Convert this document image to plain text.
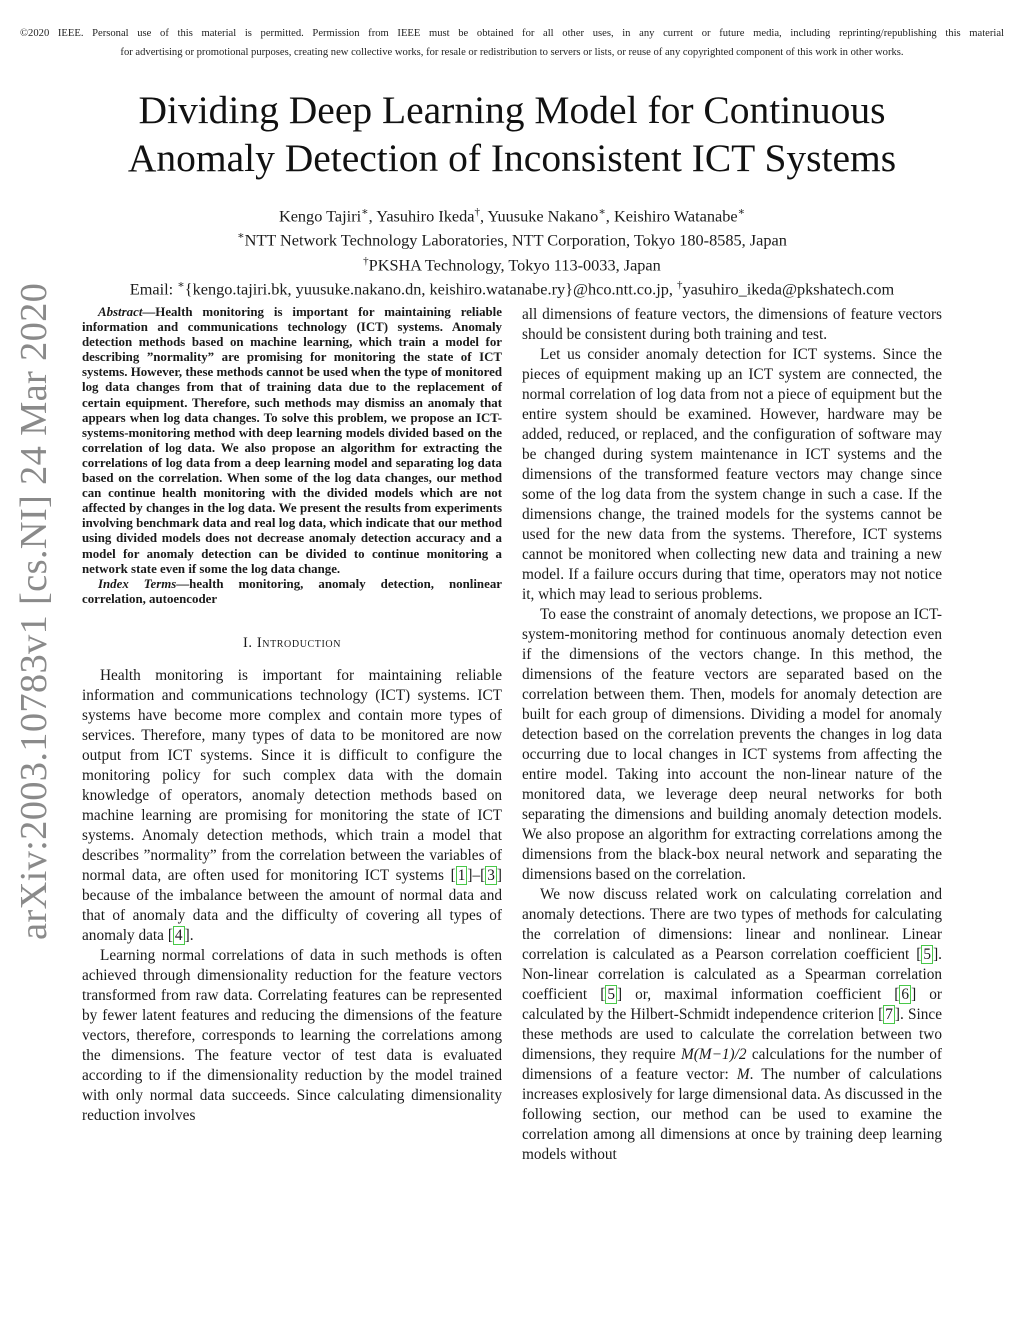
©2020 IEEE. Personal use of this material is permitted. Permission from IEEE must be obtained for all other uses, in any current or future media, including reprinting/republishing this material
for advertising or promotional purposes, creating new collective works, for resale or redistribution to servers or lists, or reuse of any copyrighted component of this work in other works.
arXiv:2003.10783v1 [cs.NI] 24 Mar 2020
Dividing Deep Learning Model for Continuous
Anomaly Detection of Inconsistent ICT Systems
Kengo Tajiri∗, Yasuhiro Ikeda†, Yuusuke Nakano∗, Keishiro Watanabe∗
∗NTT Network Technology Laboratories, NTT Corporation, Tokyo 180-8585, Japan
†PKSHA Technology, Tokyo 113-0033, Japan
Email: ∗{kengo.tajiri.bk, yuusuke.nakano.dn, keishiro.watanabe.ry}@hco.ntt.co.jp, †yasuhiro_ikeda@pkshatech.com

Abstract—Health monitoring is important for maintaining reliable information and communications technology (ICT) systems. Anomaly detection methods based on machine learning, which train a model for describing ”normality” are promising for monitoring the state of ICT systems. However, these methods cannot be used when the type of monitored log data changes from that of training data due to the replacement of certain equipment. Therefore, such methods may dismiss an anomaly that appears when log data changes. To solve this problem, we propose an ICT-systems-monitoring method with deep learning models divided based on the correlation of log data. We also propose an algorithm for extracting the correlations of log data from a deep learning model and separating log data based on the correlation. When some of the log data changes, our method can continue health monitoring with the divided models which are not affected by changes in the log data. We present the results from experiments involving benchmark data and real log data, which indicate that our method using divided models does not decrease anomaly detection accuracy and a model for anomaly detection can be divided to continue monitoring a network state even if some the log data change.

Index Terms—health monitoring, anomaly detection, nonlinear correlation, autoencoder

I. Introduction

Health monitoring is important for maintaining reliable information and communications technology (ICT) systems. ICT systems have become more complex and contain more types of services. Therefore, many types of data to be monitored are now output from ICT systems. Since it is difficult to configure the monitoring policy for such complex data with the domain knowledge of operators, anomaly detection methods based on machine learning are promising for monitoring the state of ICT systems. Anomaly detection methods, which train a model that describes ”normality” from the correlation between the variables of normal data, are often used for monitoring ICT systems [ 1 ]–[ 3 ] because of the imbalance between the amount of normal data and that of anomaly data and the difficulty of covering all types of anomaly data [ 4 ].

Learning normal correlations of data in such methods is often achieved through dimensionality reduction for the feature vectors transformed from raw data. Correlating features can be represented by fewer latent features and reducing the dimensions of the feature vectors, therefore, corresponds to learning the correlations among the dimensions. The feature vector of test data is evaluated according to if the dimensionality reduction by the model trained with only normal data succeeds. Since calculating dimensionality reduction involves

all dimensions of feature vectors, the dimensions of feature vectors should be consistent during both training and test.

Let us consider anomaly detection for ICT systems. Since the pieces of equipment making up an ICT system are connected, the normal correlation of log data from not a piece of equipment but the entire system should be examined. However, hardware may be added, reduced, or replaced, and the configuration of software may be changed during system maintenance in ICT systems and the dimensions of the transformed feature vectors may change since some of the log data from the system change in such a case. If the dimensions change, the trained models for the systems cannot be used for the new data from the systems. Therefore, ICT systems cannot be monitored when collecting new data and training a new model. If a failure occurs during that time, operators may not notice it, which may lead to serious problems.

To ease the constraint of anomaly detections, we propose an ICT-system-monitoring method for continuous anomaly detection even if the dimensions of the vectors change. In this method, the dimensions of the feature vectors are separated based on the correlation between them. Then, models for anomaly detection are built for each group of dimensions. Dividing a model for anomaly detection based on the correlation prevents the changes in log data occurring due to local changes in ICT systems from affecting the entire model. Taking into account the non-linear nature of the monitored data, we leverage deep neural networks for both separating the dimensions and building anomaly detection models. We also propose an algorithm for extracting correlations among the dimensions from the black-box neural network and separating the dimensions based on the correlation.

We now discuss related work on calculating correlation and anomaly detections. There are two types of methods for calculating the correlation of dimensions: linear and nonlinear. Linear correlation is calculated as a Pearson correlation coefficient [ 5 ]. Non-linear correlation is calculated as a Spearman correlation coefficient [ 5 ] or, maximal information coefficient [ 6 ] or calculated by the Hilbert-Schmidt independence criterion [ 7 ]. Since these methods are used to calculate the correlation between two dimensions, they require M(M−1)/2 calculations for the number of dimensions of a feature vector: M. The number of calculations increases explosively for large dimensional data. As discussed in the following section, our method can be used to examine the correlation among all dimensions at once by training deep learning models without
